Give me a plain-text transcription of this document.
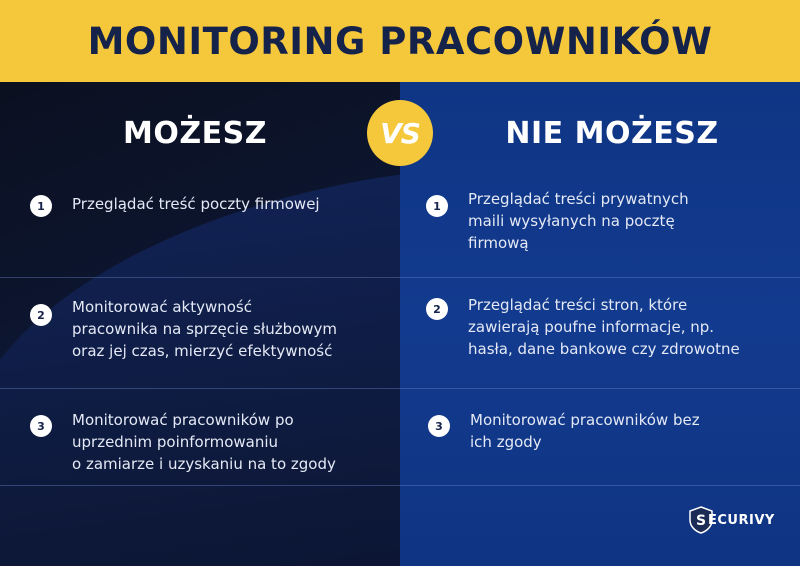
MONITORING PRACOWNIKÓW
MOŻESZ	NIE MOŻESZ
VS
1	Przeglądać treść poczty firmowej
2	Monitorować aktywność
pracownika na sprzęcie służbowym
oraz jej czas, mierzyć efektywność
3	Monitorować pracowników po
uprzednim poinformowaniu
o zamiarze i uzyskaniu na to zgody
1	Przeglądać treści prywatnych
maili wysyłanych na pocztę
firmową
2	Przeglądać treści stron, które
zawierają poufne informacje, np.
hasła, dane bankowe czy zdrowotne
3	Monitorować pracowników bez
ich zgody
S ECURIVY
